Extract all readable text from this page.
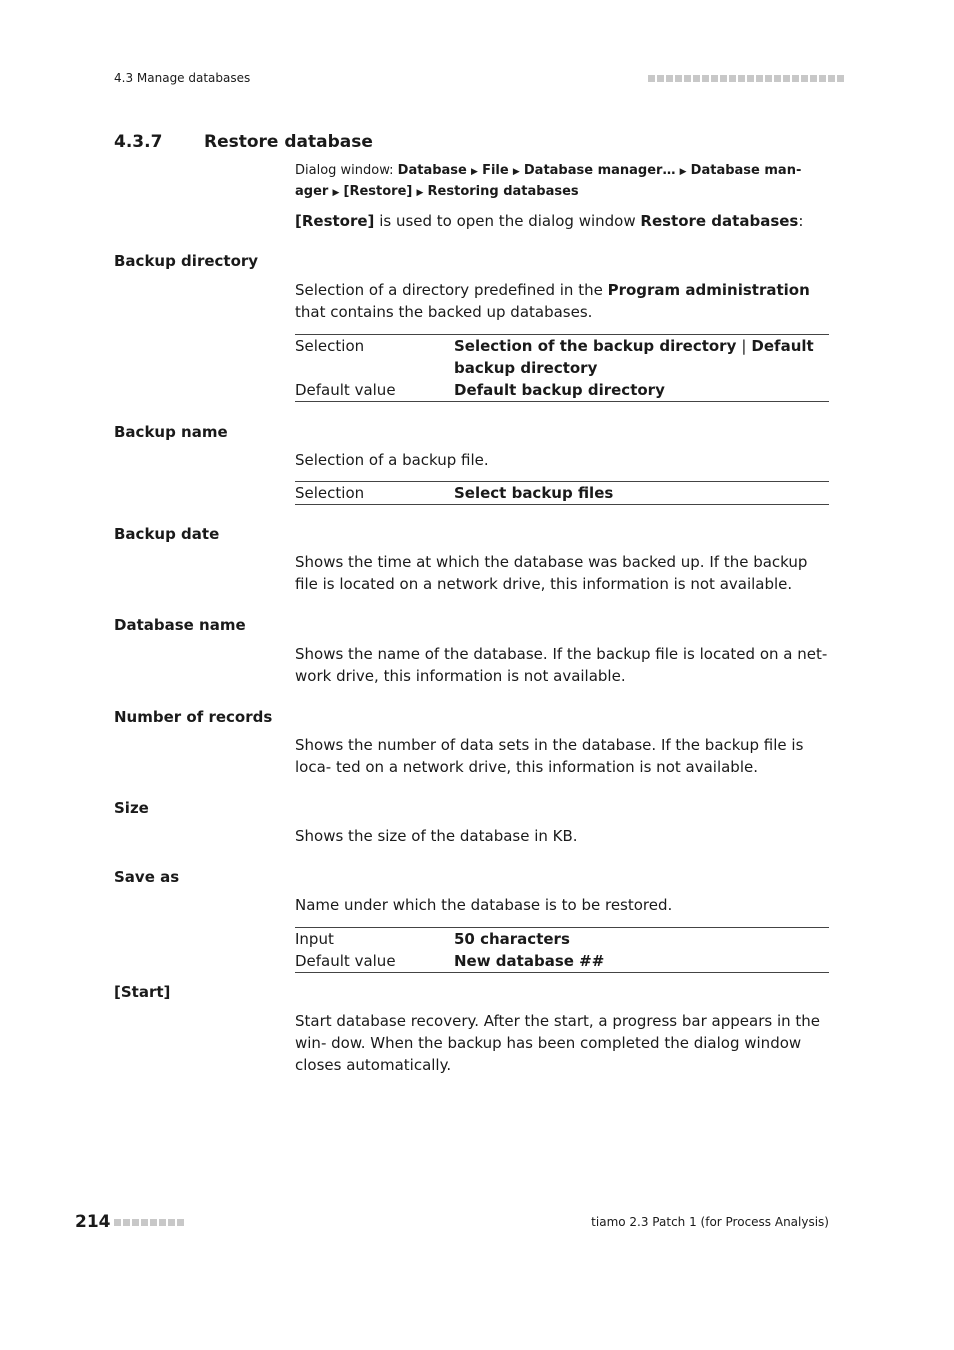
4.3 Manage databases
4.3.7 Restore database
Dialog window: Database ▶ File ▶ Database manager… ▶ Database man-
ager ▶ [Restore] ▶ Restoring databases
[Restore] is used to open the dialog window Restore databases:
Backup directory
Selection of a directory predefined in the Program administration that contains the backed up databases.
Selection	Selection of the backup directory | Default backup directory
Default value	Default backup directory
Backup name
Selection of a backup file.
Selection	Select backup files
Backup date
Shows the time at which the database was backed up. If the backup file is located on a network drive, this information is not available.
Database name
Shows the name of the database. If the backup file is located on a net- work drive, this information is not available.
Number of records
Shows the number of data sets in the database. If the backup file is loca- ted on a network drive, this information is not available.
Size
Shows the size of the database in KB.
Save as
Name under which the database is to be restored.
Input	50 characters
Default value	New database ##
[Start]
Start database recovery. After the start, a progress bar appears in the win- dow. When the backup has been completed the dialog window closes automatically.
214	tiamo 2.3 Patch 1 (for Process Analysis)
